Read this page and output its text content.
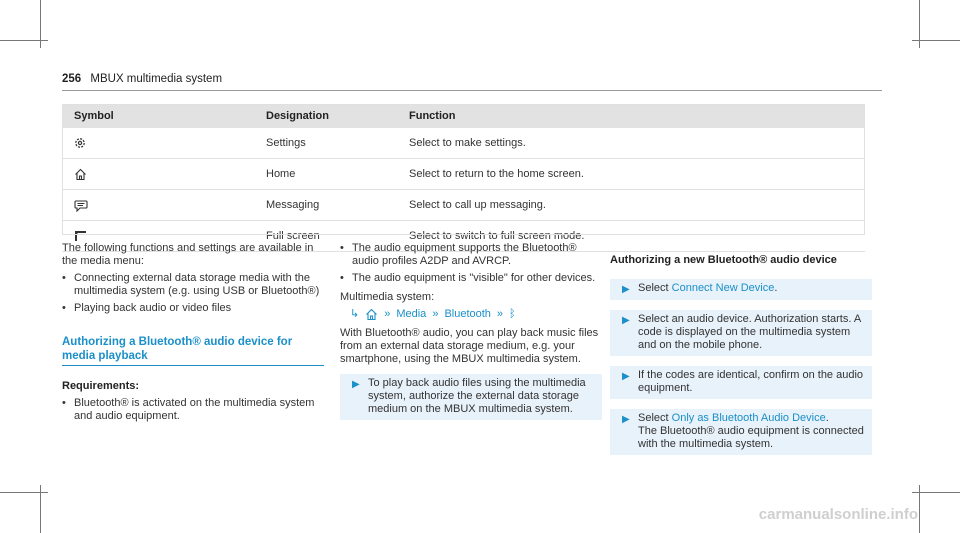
256 MBUX multimedia system
Symbol	Designation	Function
Settings	Select to make settings.
Home	Select to return to the home screen.
Messaging	Select to call up messaging.
Full screen	Select to switch to full screen mode.

The following functions and settings are available in the media menu:

• Connecting external data storage media with the multimedia system (e.g. using USB or Bluetooth®)
• Playing back audio or video files
Authorizing a Bluetooth® audio device for media playback

Requirements:

• Bluetooth® is activated on the multimedia system and audio equipment.
• The audio equipment supports the Bluetooth® audio profiles A2DP and AVRCP.
• The audio equipment is "visible" for other devices.

Multimedia system:

↳ » Media » Bluetooth » ᛒ

With Bluetooth® audio, you can play back music files from an external data storage medium, e.g. your smartphone, using the MBUX multimedia system.

▶ To play back audio files using the multimedia system, authorize the external data storage medium on the MBUX multimedia system.

Authorizing a new Bluetooth® audio device

▶ Select Connect New Device.
▶ Select an audio device. Authorization starts. A code is displayed on the multimedia system and on the mobile phone.
▶ If the codes are identical, confirm on the audio equipment.
▶ Select Only as Bluetooth Audio Device.
The Bluetooth® audio equipment is connected with the multimedia system.
carmanualsonline.info
